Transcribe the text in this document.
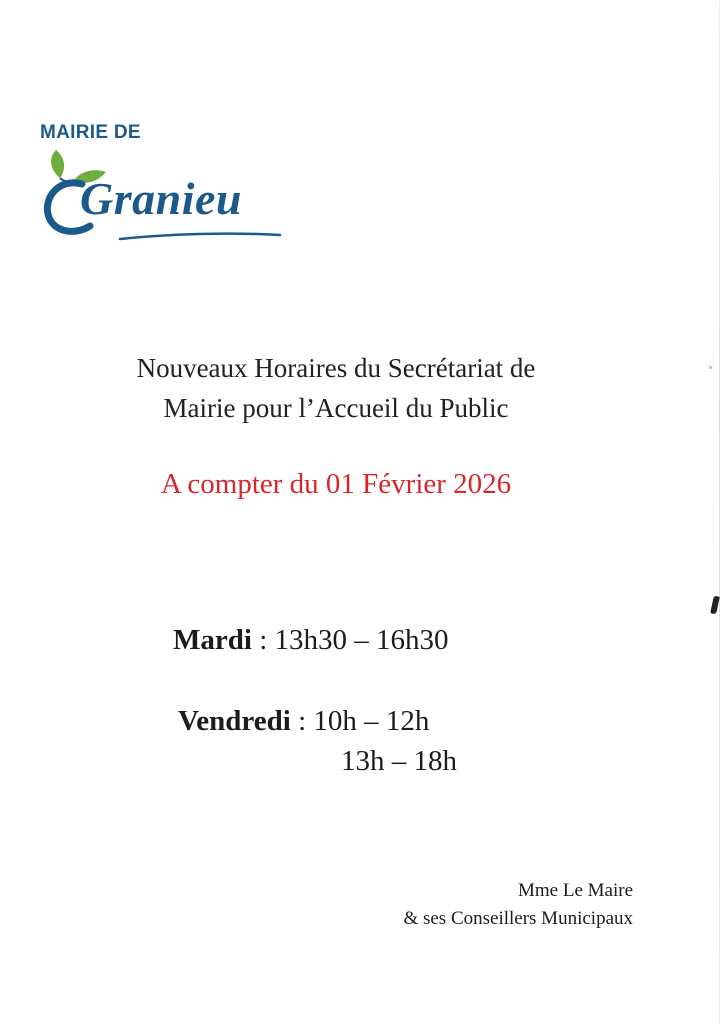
MAIRIE DE
Granieu
Nouveaux Horaires du Secrétariat de
Mairie pour l’Accueil du Public
A compter du 01 Février 2026
Mardi : 13h30 – 16h30
Vendredi : 10h – 12h
13h – 18h
Mme Le Maire
& ses Conseillers Municipaux
